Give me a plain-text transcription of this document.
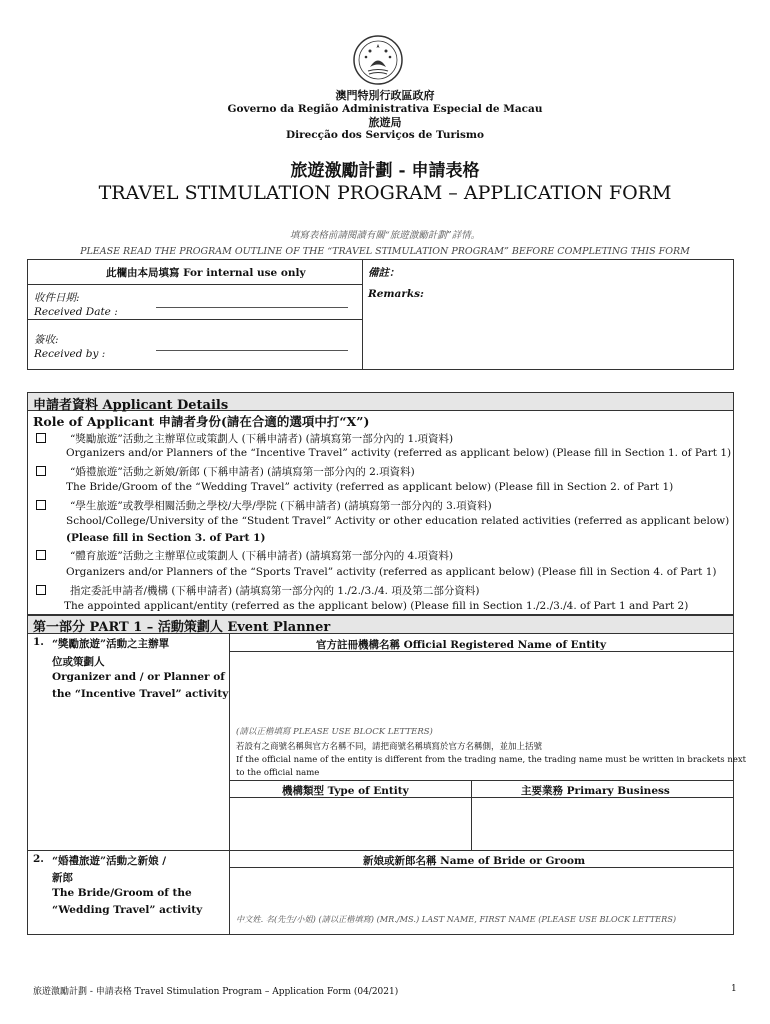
澳門特別行政區政府
Governo da Região Administrativa Especial de Macau
旅遊局
Direcção dos Serviços de Turismo
旅遊激勵計劃 - 申請表格
TRAVEL STIMULATION PROGRAM – APPLICATION FORM
填寫表格前請閱讀有關“旅遊激勵計劃”詳情。
PLEASE READ THE PROGRAM OUTLINE OF THE “TRAVEL STIMULATION PROGRAM” BEFORE COMPLETING THIS FORM
此欄由本局填寫 For internal use only	備註：
Remarks:
收件日期:
Received Date :
簽收:
Received by :
申請者資料 Applicant Details
Role of Applicant 申請者身份(請在合適的選項中打“X”)
“獎勵旅遊”活動之主辦單位或策劃人 (下稱申請者) (請填寫第一部分內的 1.項資料)
Organizers and/or Planners of the “Incentive Travel” activity (referred as applicant below) (Please fill in Section 1. of Part 1)
“婚禮旅遊”活動之新娘/新郎 (下稱申請者) (請填寫第一部分內的 2.項資料)
The Bride/Groom of the “Wedding Travel” activity (referred as applicant below) (Please fill in Section 2. of Part 1)
“學生旅遊”或教學相關活動之學校/大學/學院 (下稱申請者) (請填寫第一部分內的 3.項資料)
School/College/University of the “Student Travel” Activity or other education related activities (referred as applicant below)
(Please fill in Section 3. of Part 1)
“體育旅遊”活動之主辦單位或策劃人 (下稱申請者) (請填寫第一部分內的 4.項資料)
Organizers and/or Planners of the “Sports Travel” activity (referred as applicant below) (Please fill in Section 4. of Part 1)
指定委託申請者/機構 (下稱申請者) (請填寫第一部分內的 1./2./3./4. 項及第二部分資料)
The appointed applicant/entity (referred as the applicant below) (Please fill in Section 1./2./3./4. of Part 1 and Part 2)
第一部分 PART 1 – 活動策劃人 Event Planner
1. “獎勵旅遊”活動之主辦單
位或策劃人
Organizer and / or Planner of
the “Incentive Travel” activity
官方註冊機構名稱 Official Registered Name of Entity
(請以正楷填寫 PLEASE USE BLOCK LETTERS)
若設有之商號名稱與官方名稱不同，請把商號名稱填寫於官方名稱側，並加上括號
If the official name of the entity is different from the trading name, the trading name must be written in brackets next
to the official name
機構類型 Type of Entity	主要業務 Primary Business
2. “婚禮旅遊”活動之新娘 /
新郎
The Bride/Groom of the
“Wedding Travel” activity
新娘或新郎名稱 Name of Bride or Groom
中文姓. 名(先生/小姐) (請以正楷填寫) (MR./MS.) LAST NAME, FIRST NAME (PLEASE USE BLOCK LETTERS)
旅遊激勵計劃 - 申請表格 Travel Stimulation Program – Application Form (04/2021)	1
